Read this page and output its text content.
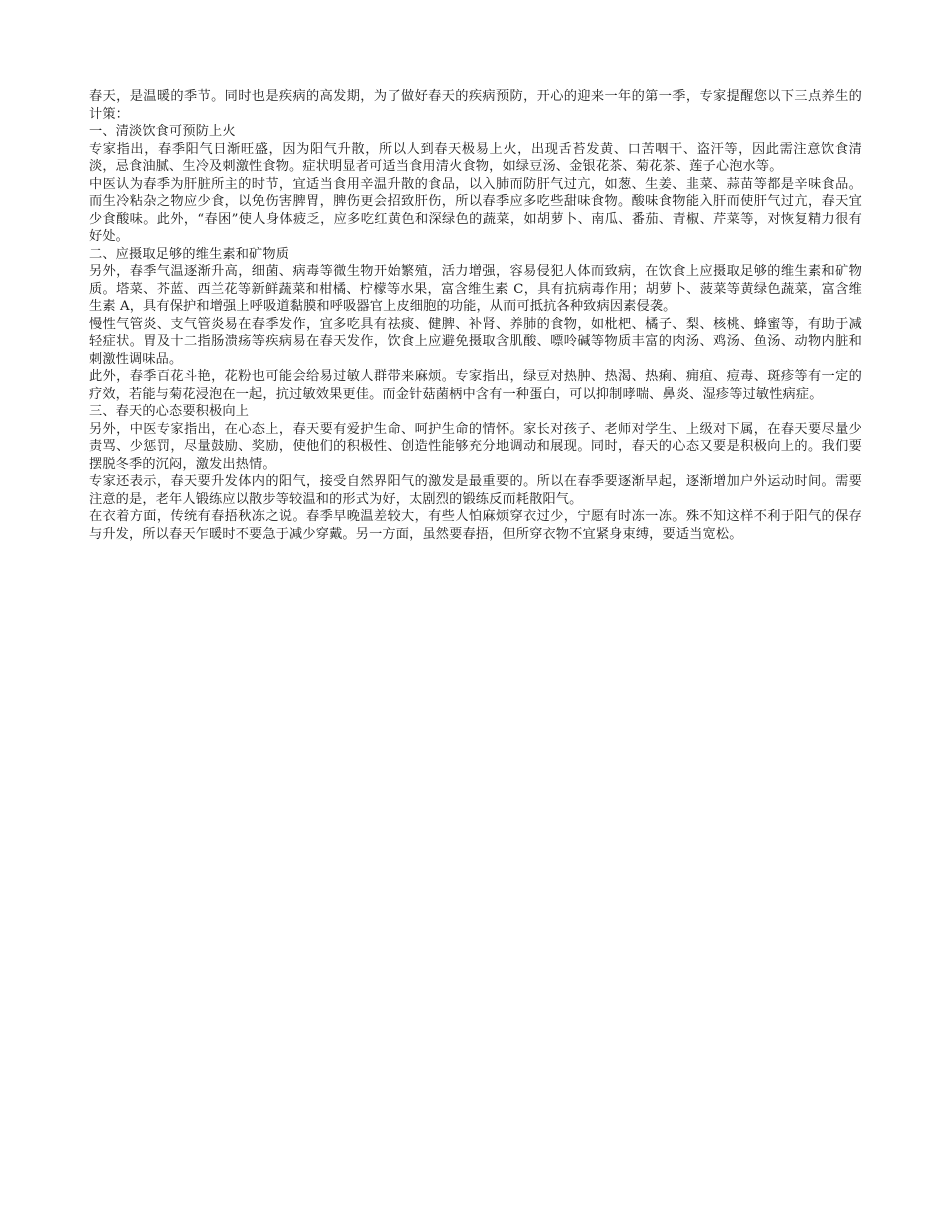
春天，是温暖的季节。同时也是疾病的高发期，为了做好春天的疾病预防，开心的迎来一年的第一季，专家提醒您以下三点养生的计策：

一、清淡饮食可预防上火

专家指出，春季阳气日渐旺盛，因为阳气升散，所以人到春天极易上火，出现舌苔发黄、口苦咽干、盗汗等，因此需注意饮食清淡，忌食油腻、生冷及刺激性食物。症状明显者可适当食用清火食物，如绿豆汤、金银花茶、菊花茶、莲子心泡水等。

中医认为春季为肝脏所主的时节，宜适当食用辛温升散的食品，以入肺而防肝气过亢，如葱、生姜、韭菜、蒜苗等都是辛味食品。而生冷粘杂之物应少食，以免伤害脾胃，脾伤更会招致肝伤，所以春季应多吃些甜味食物。酸味食物能入肝而使肝气过亢，春天宜少食酸味。此外，“春困”使人身体疲乏，应多吃红黄色和深绿色的蔬菜，如胡萝卜、南瓜、番茄、青椒、芹菜等，对恢复精力很有好处。

二、应摄取足够的维生素和矿物质

另外，春季气温逐渐升高，细菌、病毒等微生物开始繁殖，活力增强，容易侵犯人体而致病，在饮食上应摄取足够的维生素和矿物质。塔菜、芥蓝、西兰花等新鲜蔬菜和柑橘、柠檬等水果，富含维生素 C，具有抗病毒作用；胡萝卜、菠菜等黄绿色蔬菜，富含维生素 A，具有保护和增强上呼吸道黏膜和呼吸器官上皮细胞的功能，从而可抵抗各种致病因素侵袭。

慢性气管炎、支气管炎易在春季发作，宜多吃具有祛痰、健脾、补肾、养肺的食物，如枇杷、橘子、梨、核桃、蜂蜜等，有助于减轻症状。胃及十二指肠溃疡等疾病易在春天发作，饮食上应避免摄取含肌酸、嘌呤碱等物质丰富的肉汤、鸡汤、鱼汤、动物内脏和刺激性调味品。

此外，春季百花斗艳，花粉也可能会给易过敏人群带来麻烦。专家指出，绿豆对热肿、热渴、热痢、痈疽、痘毒、斑疹等有一定的疗效，若能与菊花浸泡在一起，抗过敏效果更佳。而金针菇菌柄中含有一种蛋白，可以抑制哮喘、鼻炎、湿疹等过敏性病症。

三、春天的心态要积极向上

另外，中医专家指出，在心态上，春天要有爱护生命、呵护生命的情怀。家长对孩子、老师对学生、上级对下属，在春天要尽量少责骂、少惩罚，尽量鼓励、奖励，使他们的积极性、创造性能够充分地调动和展现。同时，春天的心态又要是积极向上的。我们要摆脱冬季的沉闷，激发出热情。

专家还表示，春天要升发体内的阳气，接受自然界阳气的激发是最重要的。所以在春季要逐渐早起，逐渐增加户外运动时间。需要注意的是，老年人锻练应以散步等较温和的形式为好，太剧烈的锻练反而耗散阳气。

在衣着方面，传统有春捂秋冻之说。春季早晚温差较大，有些人怕麻烦穿衣过少，宁愿有时冻一冻。殊不知这样不利于阳气的保存与升发，所以春天乍暖时不要急于减少穿戴。另一方面，虽然要春捂，但所穿衣物不宜紧身束缚，要适当宽松。
